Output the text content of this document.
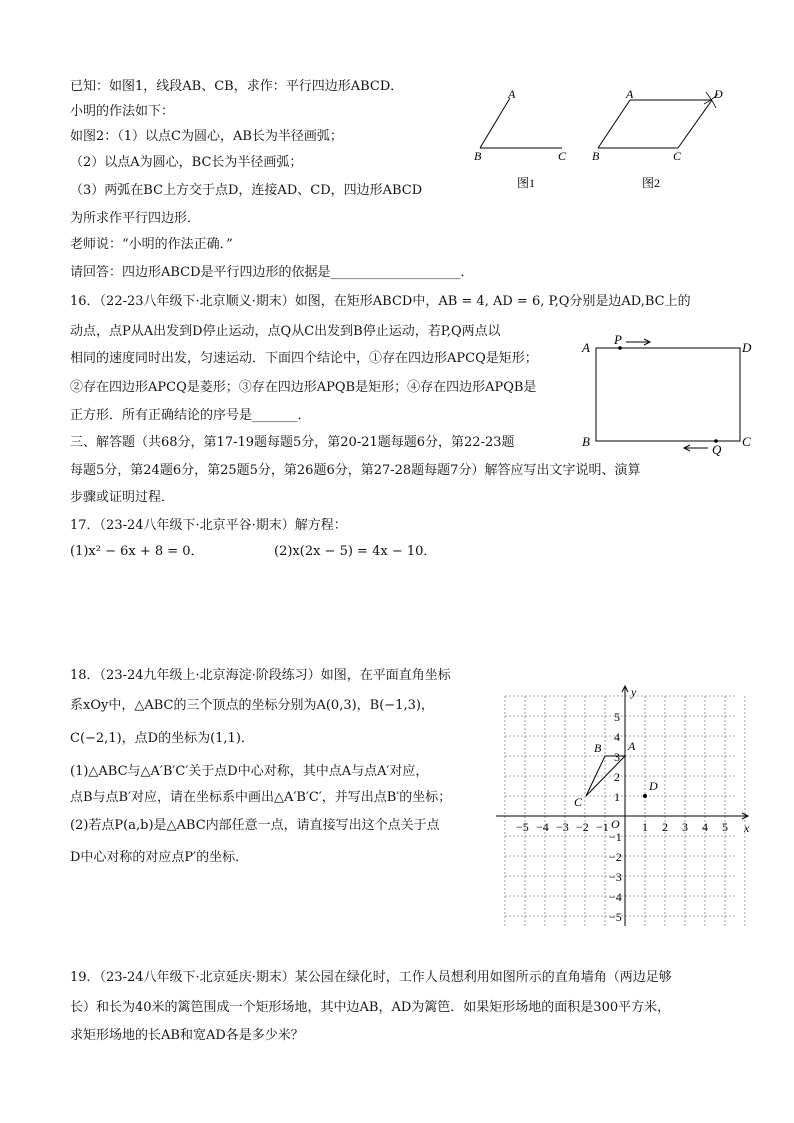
已知：如图1，线段AB、CB，求作：平行四边形ABCD．
小明的作法如下：
如图2：（1）以点C为圆心，AB长为半径画弧；
（2）以点A为圆心，BC长为半径画弧；
（3）两弧在BC上方交于点D，连接AD、CD，四边形ABCD
为所求作平行四边形．
老师说：“小明的作法正确．”
请回答：四边形ABCD是平行四边形的依据是____________________．
A
B	C
图1
A
B	C
D
图2
16．（22-23八年级下·北京顺义·期末）如图，在矩形ABCD中，AB = 4, AD = 6, P,Q分别是边AD,BC上的
动点，点P从A出发到D停止运动，点Q从C出发到B停止运动，若P,Q两点以
相同的速度同时出发，匀速运动．下面四个结论中，①存在四边形APCQ是矩形；
②存在四边形APCQ是菱形；③存在四边形APQB是矩形；④存在四边形APQB是
正方形．所有正确结论的序号是_______．
A	D
B	C
P
Q
三、解答题（共68分，第17-19题每题5分，第20-21题每题6分，第22-23题
每题5分，第24题6分，第25题5分，第26题6分，第27-28题每题7分）解答应写出文字说明、演算
步骤或证明过程．
17．（23-24八年级下·北京平谷·期末）解方程：
(1)x² − 6x + 8 = 0．	(2)x(2x − 5) = 4x − 10．
18．（23-24九年级上·北京海淀·阶段练习）如图，在平面直角坐标
系xOy中，△ABC的三个顶点的坐标分别为A(0,3)，B(−1,3)，
C(−2,1)，点D的坐标为(1,1)．
(1)△ABC与△A′B′C′关于点D中心对称，其中点A与点A′对应，
点B与点B′对应，请在坐标系中画出△A′B′C′，并写出点B′的坐标；
(2)若点P(a,b)是△ABC内部任意一点，请直接写出这个点关于点
D中心对称的对应点P′的坐标．
x
y
O
−5 −4 −3 −2 −1	1 2 3 4 5
5
4
3
2
1
−1
−2
−3
−4
−5
A
B
C
D
19．（23-24八年级下·北京延庆·期末）某公园在绿化时，工作人员想利用如图所示的直角墙角（两边足够
长）和长为40米的篱笆围成一个矩形场地，其中边AB，AD为篱笆．如果矩形场地的面积是300平方米，
求矩形场地的长AB和宽AD各是多少米？
